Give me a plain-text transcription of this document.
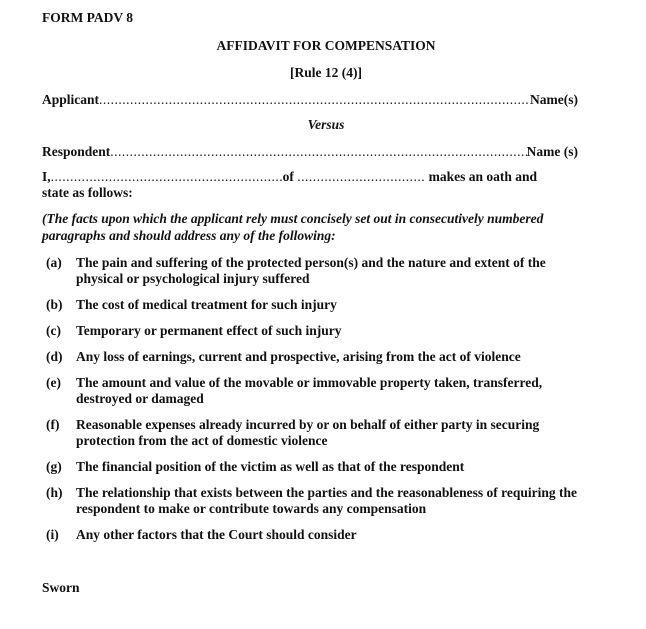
FORM PADV 8
AFFIDAVIT FOR COMPENSATION
[Rule 12 (4)]
Applicant .....	Name(s)
Versus
Respondent .....	Name (s)
I, .....	of
.....
	makes an oath and
state as follows:
(The facts upon which the applicant rely must concisely set out in consecutively numbered paragraphs and should address any of the following:
(a)	The pain and suffering of the protected person(s) and the nature and extent of the physical or psychological injury suffered
(b)	The cost of medical treatment for such injury
(c)	Temporary or permanent effect of such injury
(d)	Any loss of earnings, current and prospective, arising from the act of violence
(e)	The amount and value of the movable or immovable property taken, transferred, destroyed or damaged
(f)	Reasonable expenses already incurred by or on behalf of either party in securing protection from the act of domestic violence
(g)	The financial position of the victim as well as that of the respondent
(h)	The relationship that exists between the parties and the reasonableness of requiring the respondent to make or contribute towards any compensation
(i)	Any other factors that the Court should consider
Sworn
